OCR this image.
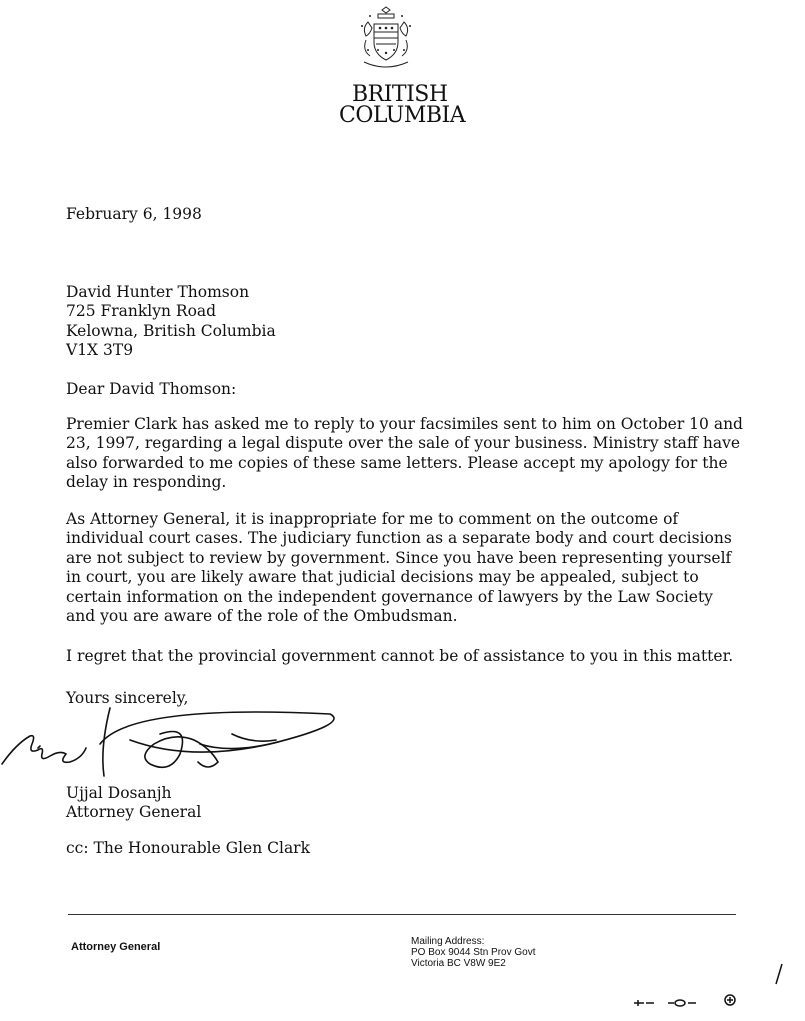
BRITISH
COLUMBIA
February 6, 1998
David Hunter Thomson
725 Franklyn Road
Kelowna, British Columbia
V1X 3T9
Dear David Thomson:

Premier Clark has asked me to reply to your facsimiles sent to him on October 10 and 23, 1997, regarding a legal dispute over the sale of your business. Ministry staff have also forwarded to me copies of these same letters. Please accept my apology for the delay in responding.

As Attorney General, it is inappropriate for me to comment on the outcome of individual court cases. The judiciary function as a separate body and court decisions are not subject to review by government. Since you have been representing yourself in court, you are likely aware that judicial decisions may be appealed, subject to certain information on the independent governance of lawyers by the Law Society and you are aware of the role of the Ombudsman.

I regret that the provincial government cannot be of assistance to you in this matter.

Yours sincerely,
Ujjal Dosanjh
Attorney General
cc: The Honourable Glen Clark
Attorney General	Mailing Address:
PO Box 9044 Stn Prov Govt
Victoria BC V8W 9E2
